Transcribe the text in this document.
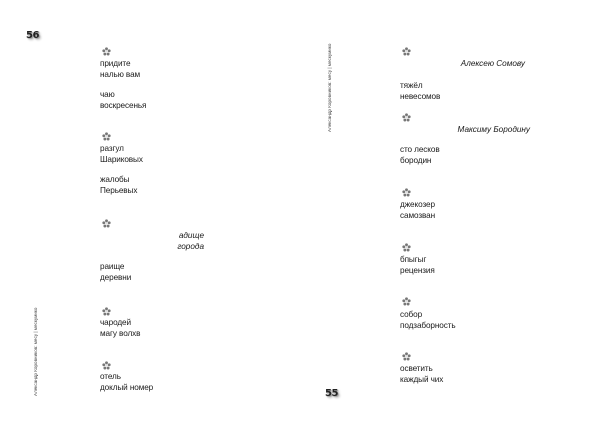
56
Александр Коровников: месу | мескумико
придите
налью вам
чаю
воскресенья
разгул
Шариковых
жалобы
Перьевых
адище
города
раище
деревни
чародей
магу волхв
отель
доклый номер
Александр Коровников: месу | мескумико
55
Алексею Сомову
тяжёл
невесомов
Максиму Бородину
сто лесков
бородин
джекозер
самозван
бпыгыг
рецензия
собор
подзаборность
осветить
каждый чих
